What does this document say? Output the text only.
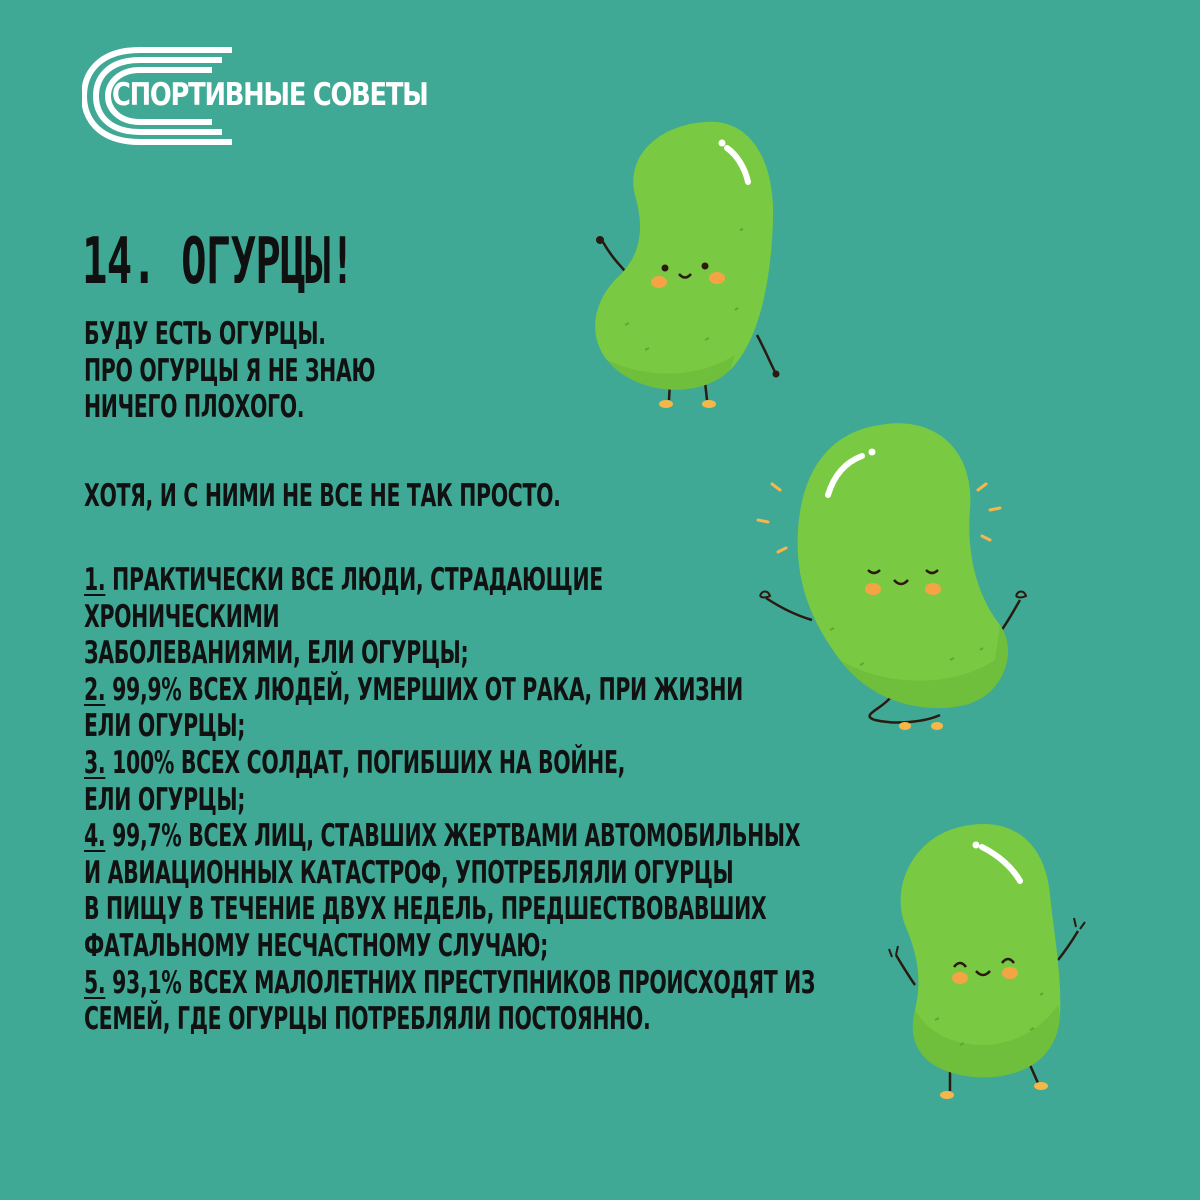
СПОРТИВНЫЕ СОВЕТЫ
14. ОГУРЦЫ!
БУДУ ЕСТЬ ОГУРЦЫ.
ПРО ОГУРЦЫ Я НЕ ЗНАЮ
НИЧЕГО ПЛОХОГО.
ХОТЯ, И С НИМИ НЕ ВСЕ НЕ ТАК ПРОСТО.
1. ПРАКТИЧЕСКИ ВСЕ ЛЮДИ, СТРАДАЮЩИЕ
ХРОНИЧЕСКИМИ
ЗАБОЛЕВАНИЯМИ, ЕЛИ ОГУРЦЫ;
2. 99,9% ВСЕХ ЛЮДЕЙ, УМЕРШИХ ОТ РАКА, ПРИ ЖИЗНИ
ЕЛИ ОГУРЦЫ;
3. 100% ВСЕХ СОЛДАТ, ПОГИБШИХ НА ВОЙНЕ,
ЕЛИ ОГУРЦЫ;
4. 99,7% ВСЕХ ЛИЦ, СТАВШИХ ЖЕРТВАМИ АВТОМОБИЛЬНЫХ
И АВИАЦИОННЫХ КАТАСТРОФ, УПОТРЕБЛЯЛИ ОГУРЦЫ
В ПИЩУ В ТЕЧЕНИЕ ДВУХ НЕДЕЛЬ, ПРЕДШЕСТВОВАВШИХ
ФАТАЛЬНОМУ НЕСЧАСТНОМУ СЛУЧАЮ;
5. 93,1% ВСЕХ МАЛОЛЕТНИХ ПРЕСТУПНИКОВ ПРОИСХОДЯТ ИЗ
СЕМЕЙ, ГДЕ ОГУРЦЫ ПОТРЕБЛЯЛИ ПОСТОЯННО.
